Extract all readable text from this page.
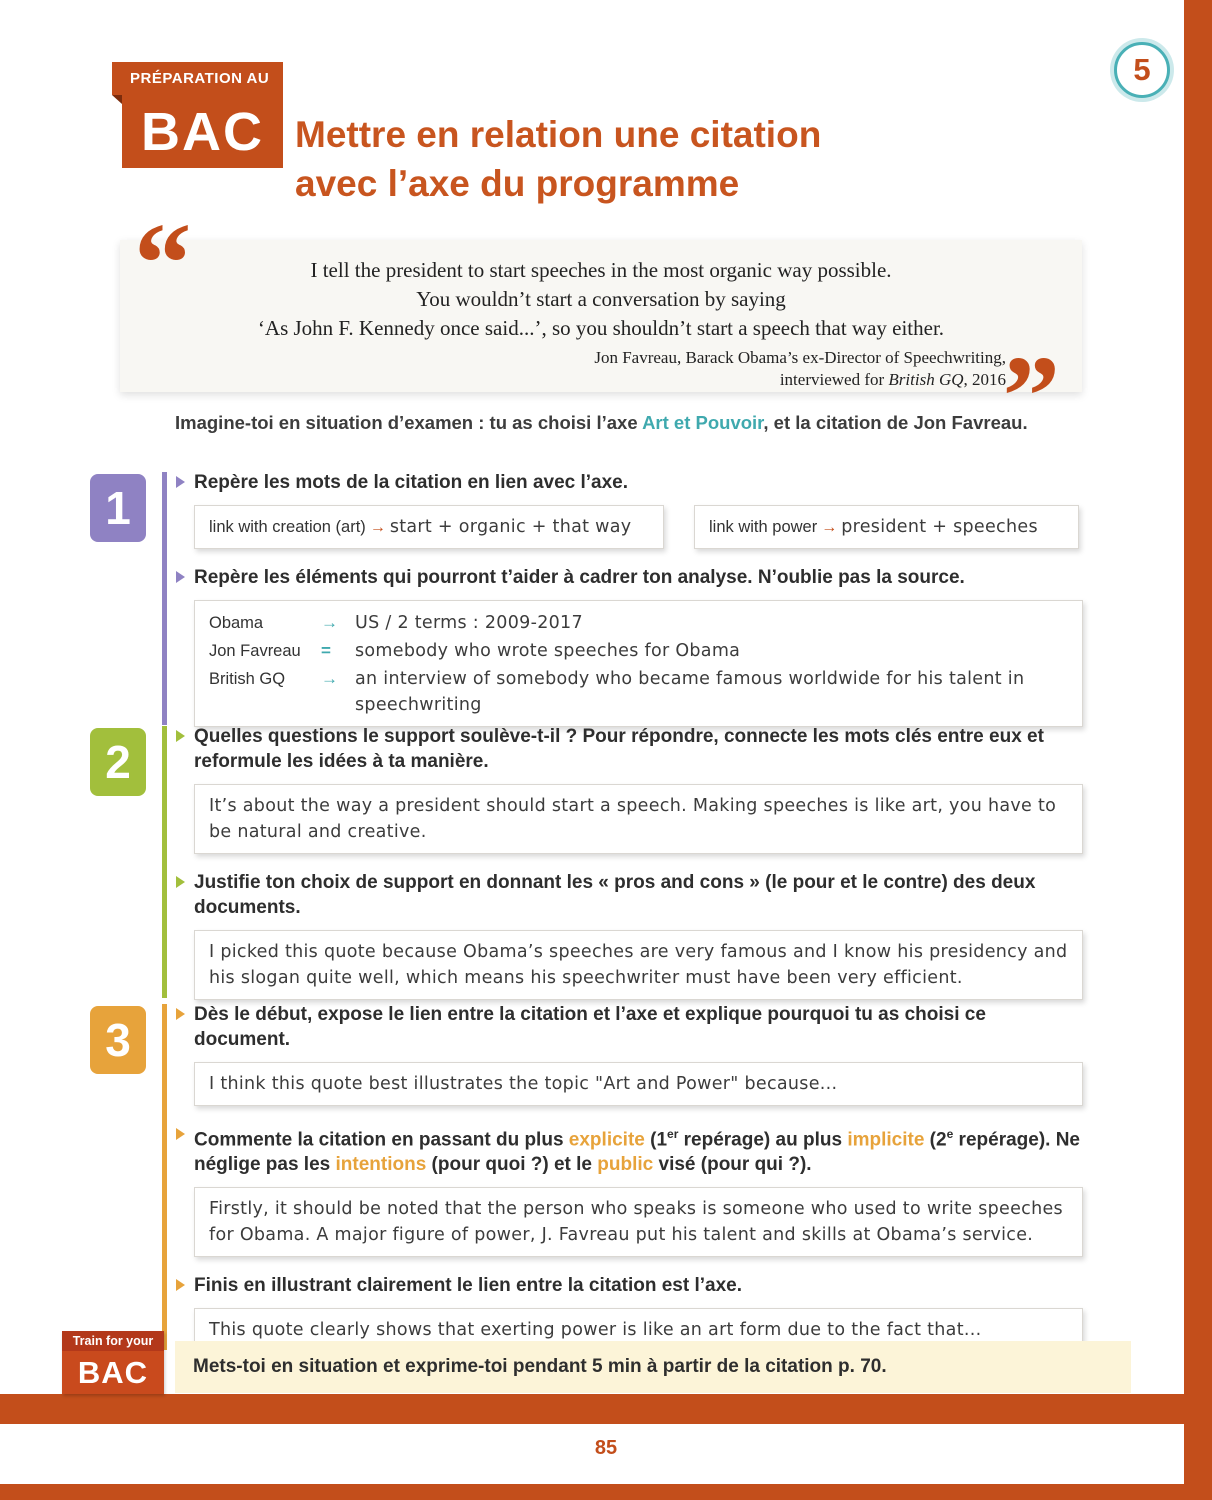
5
PRÉPARATION AU
BAC Mettre en relation une citation
avec l’axe du programme
“
”

I tell the president to start speeches in the most organic way possible.

You wouldn’t start a conversation by saying

‘As John F. Kennedy once said...’, so you shouldn’t start a speech that way either.

Jon Favreau, Barack Obama’s ex-Director of Speechwriting,
interviewed for British GQ, 2016

Imagine-toi en situation d’examen : tu as choisi l’axe Art et Pouvoir, et la citation de Jon Favreau.

1	Repère les mots de la citation en lien avec l’axe.

link with creation (art) → start + organic + that way	link with power → president + speeches

Repère les éléments qui pourront t’aider à cadrer ton analyse. N’oublie pas la source.

Obama	→ US / 2 terms : 2009-2017
Jon Favreau	=	somebody who wrote speeches for Obama
British GQ	→ an interview of somebody who became famous worldwide for his talent in speechwriting
2	Quelles questions le support soulève-t-il ? Pour répondre, connecte les mots clés entre eux et reformule les idées à ta manière.

It’s about the way a president should start a speech. Making speeches is like art, you have to be natural and creative.

Justifie ton choix de support en donnant les « pros and cons » (le pour et le contre) des deux documents.

I picked this quote because Obama’s speeches are very famous and I know his presidency and his slogan quite well, which means his speechwriter must have been very efficient.
3	Dès le début, expose le lien entre la citation et l’axe et explique pourquoi tu as choisi ce document.

I think this quote best illustrates the topic "Art and Power" because...

Commente la citation en passant du plus explicite (1er repérage) au plus implicite (2e repérage). Ne néglige pas les intentions (pour quoi ?) et le public visé (pour qui ?).

Firstly, it should be noted that the person who speaks is someone who used to write speeches for Obama. A major figure of power, J. Favreau put his talent and skills at Obama’s service.

Finis en illustrant clairement le lien entre la citation est l’axe.

This quote clearly shows that exerting power is like an art form due to the fact that...
Train for your
BAC	Mets-toi en situation et exprime-toi pendant 5 min à partir de la citation p. 70.
85
